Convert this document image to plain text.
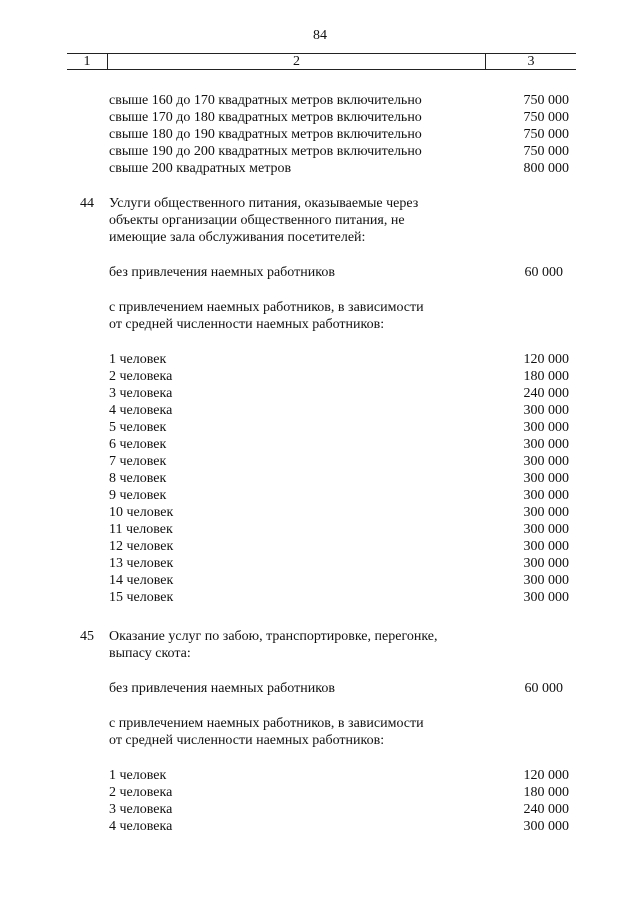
84
1	2	3
свыше 160 до 170 квадратных метров включительно	750 000
свыше 170 до 180 квадратных метров включительно	750 000
свыше 180 до 190 квадратных метров включительно	750 000
свыше 190 до 200 квадратных метров включительно	750 000
свыше 200 квадратных метров	800 000
44 Услуги общественного питания, оказываемые через
объекты организации общественного питания, не
имеющие зала обслуживания посетителей:
без привлечения наемных работников	60 000
с привлечением наемных работников, в зависимости
от средней численности наемных работников:
1 человек	120 000
2 человека	180 000
3 человека	240 000
4 человека	300 000
5 человек	300 000
6 человек	300 000
7 человек	300 000
8 человек	300 000
9 человек	300 000
10 человек	300 000
11 человек	300 000
12 человек	300 000
13 человек	300 000
14 человек	300 000
15 человек	300 000
45 Оказание услуг по забою, транспортировке, перегонке,
выпасу скота:
без привлечения наемных работников	60 000
с привлечением наемных работников, в зависимости
от средней численности наемных работников:
1 человек	120 000
2 человека	180 000
3 человека	240 000
4 человека	300 000
